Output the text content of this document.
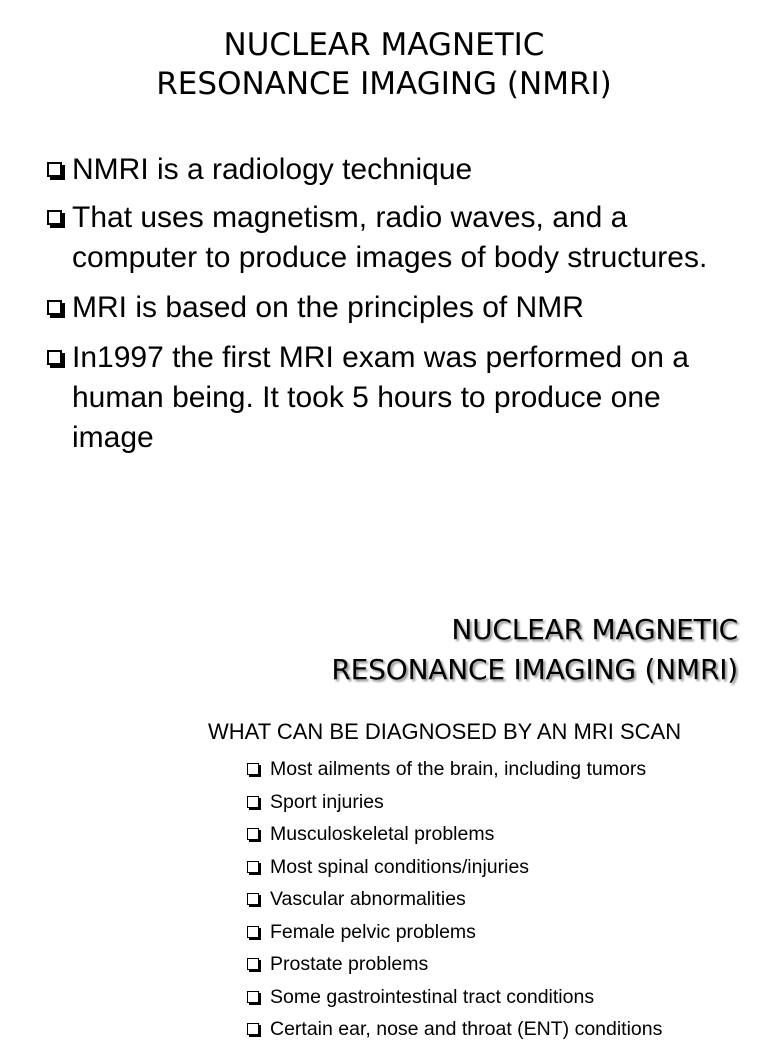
NUCLEAR MAGNETIC
RESONANCE IMAGING (NMRI)
NMRI is a radiology technique
That uses magnetism, radio waves, and a computer to produce images of body structures.
MRI is based on the principles of NMR
In1997 the first MRI exam was performed on a human being. It took 5 hours to produce one image
NUCLEAR MAGNETIC
RESONANCE IMAGING (NMRI)

WHAT CAN BE DIAGNOSED BY AN MRI SCAN

Most ailments of the brain, including tumors
Sport injuries
Musculoskeletal problems
Most spinal conditions/injuries
Vascular abnormalities
Female pelvic problems
Prostate problems
Some gastrointestinal tract conditions
Certain ear, nose and throat (ENT) conditions
